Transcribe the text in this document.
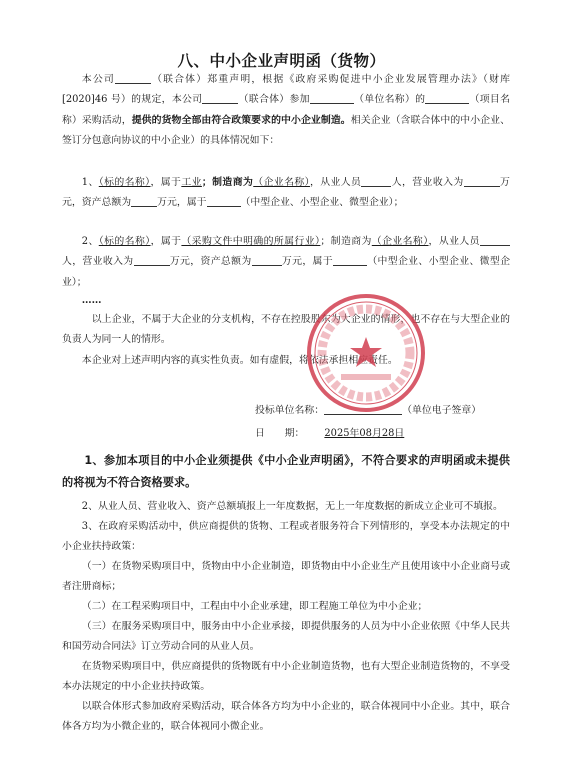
八、中小企业声明函（货物）
本公司	（联合体）郑重声明，根据《政府采购促进中小企业发展管理办法》（财库[2020]46 号）的规定，本公司	（联合体）参加	（单位名称）的	（项目名称）采购活动，提供的货物全部由符合政策要求的中小企业制造。相关企业（含联合体中的中小企业、签订分包意向协议的中小企业）的具体情况如下：
1、（标的名称），属于工业；制造商为（企业名称），从业人员	人，营业收入为	万元，资产总额为	万元，属于	（中型企业、小型企业、微型企业）；
2、（标的名称），属于（采购文件中明确的所属行业）；制造商为（企业名称），从业人员人，营业收入为	万元，资产总额为	万元，属于	（中型企业、小型企业、微型企业）；
……
以上企业，不属于大企业的分支机构，不存在控股股东为大企业的情形，也不存在与大型企业的负责人为同一人的情形。
本企业对上述声明内容的真实性负责。如有虚假，将依法承担相应责任。
投标单位名称：	（单位电子签章）
日　　期： 2025年08月28日
1、参加本项目的中小企业须提供《中小企业声明函》，不符合要求的声明函或未提供的将视为不符合资格要求。

2、从业人员、营业收入、资产总额填报上一年度数据，无上一年度数据的新成立企业可不填报。

3、在政府采购活动中，供应商提供的货物、工程或者服务符合下列情形的，享受本办法规定的中小企业扶持政策：

（一）在货物采购项目中，货物由中小企业制造，即货物由中小企业生产且使用该中小企业商号或者注册商标；

（二）在工程采购项目中，工程由中小企业承建，即工程施工单位为中小企业；

（三）在服务采购项目中，服务由中小企业承接，即提供服务的人员为中小企业依照《中华人民共和国劳动合同法》订立劳动合同的从业人员。

在货物采购项目中，供应商提供的货物既有中小企业制造货物，也有大型企业制造货物的，不享受本办法规定的中小企业扶持政策。

以联合体形式参加政府采购活动，联合体各方均为中小企业的，联合体视同中小企业。其中，联合体各方均为小微企业的，联合体视同小微企业。
